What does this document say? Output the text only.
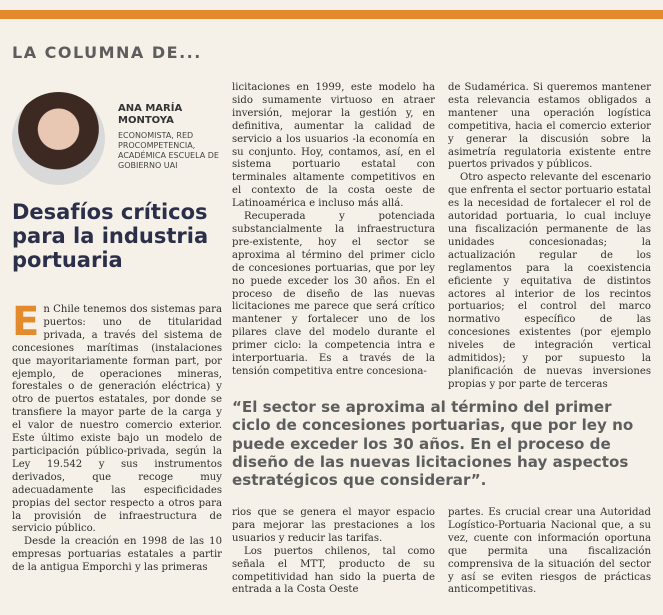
LA COLUMNA DE...
ANA MARÍA MONTOYA
ECONOMISTA, RED PROCOMPETENCIA, ACADÉMICA ESCUELA DE GOBIERNO UAI
Desafíos críticos para la industria portuaria

En Chile tenemos dos sistemas para puertos: uno de titularidad privada, a través del sistema de concesiones marítimas (instalaciones que mayoritariamente forman part, por ejemplo, de operaciones mineras, forestales o de generación eléctrica) y otro de puertos estatales, por donde se transfiere la mayor parte de la carga y el valor de nuestro comercio exterior. Este último existe bajo un modelo de participación público-privada, según la Ley 19.542 y sus instrumentos derivados, que recoge muy adecuadamente las especificidades propias del sector respecto a otros para la provisión de infraestructura de servicio público.

Desde la creación en 1998 de las 10 empresas portuarias estatales a partir de la antigua Emporchi y las primeras

licitaciones en 1999, este modelo ha sido sumamente virtuoso en atraer inversión, mejorar la gestión y, en definitiva, aumentar la calidad de servicio a los usuarios -la economía en su conjunto. Hoy, contamos, así, en el sistema portuario estatal con terminales altamente competitivos en el contexto de la costa oeste de Latinoamérica e incluso más allá.

Recuperada y potenciada substancialmente la infraestructura pre-existente, hoy el sector se aproxima al término del primer ciclo de concesiones portuarias, que por ley no puede exceder los 30 años. En el proceso de diseño de las nuevas licitaciones me parece que será crítico mantener y fortalecer uno de los pilares clave del modelo durante el primer ciclo: la competencia intra e interportuaria. Es a través de la tensión competitiva entre concesiona-

de Sudamérica. Si queremos mantener esta relevancia estamos obligados a mantener una operación logística competitiva, hacia el comercio exterior y generar la discusión sobre la asimetría regulatoria existente entre puertos privados y públicos.

Otro aspecto relevante del escenario que enfrenta el sector portuario estatal es la necesidad de fortalecer el rol de autoridad portuaria, lo cual incluye una fiscalización permanente de las unidades concesionadas; la actualización regular de los reglamentos para la coexistencia eficiente y equitativa de distintos actores al interior de los recintos portuarios; el control del marco normativo específico de las concesiones existentes (por ejemplo niveles de integración vertical admitidos); y por supuesto la planificación de nuevas inversiones propias y por parte de terceras

“El sector se aproxima al término del primer ciclo de concesiones portuarias, que por ley no puede exceder los 30 años. En el proceso de diseño de las nuevas licitaciones hay aspectos estratégicos que considerar”.

rios que se genera el mayor espacio para mejorar las prestaciones a los usuarios y reducir las tarifas.

Los puertos chilenos, tal como señala el MTT, producto de su competitividad han sido la puerta de entrada a la Costa Oeste

partes. Es crucial crear una Autoridad Logístico-Portuaria Nacional que, a su vez, cuente con información oportuna que permita una fiscalización comprensiva de la situación del sector y así se eviten riesgos de prácticas anticompetitivas.
